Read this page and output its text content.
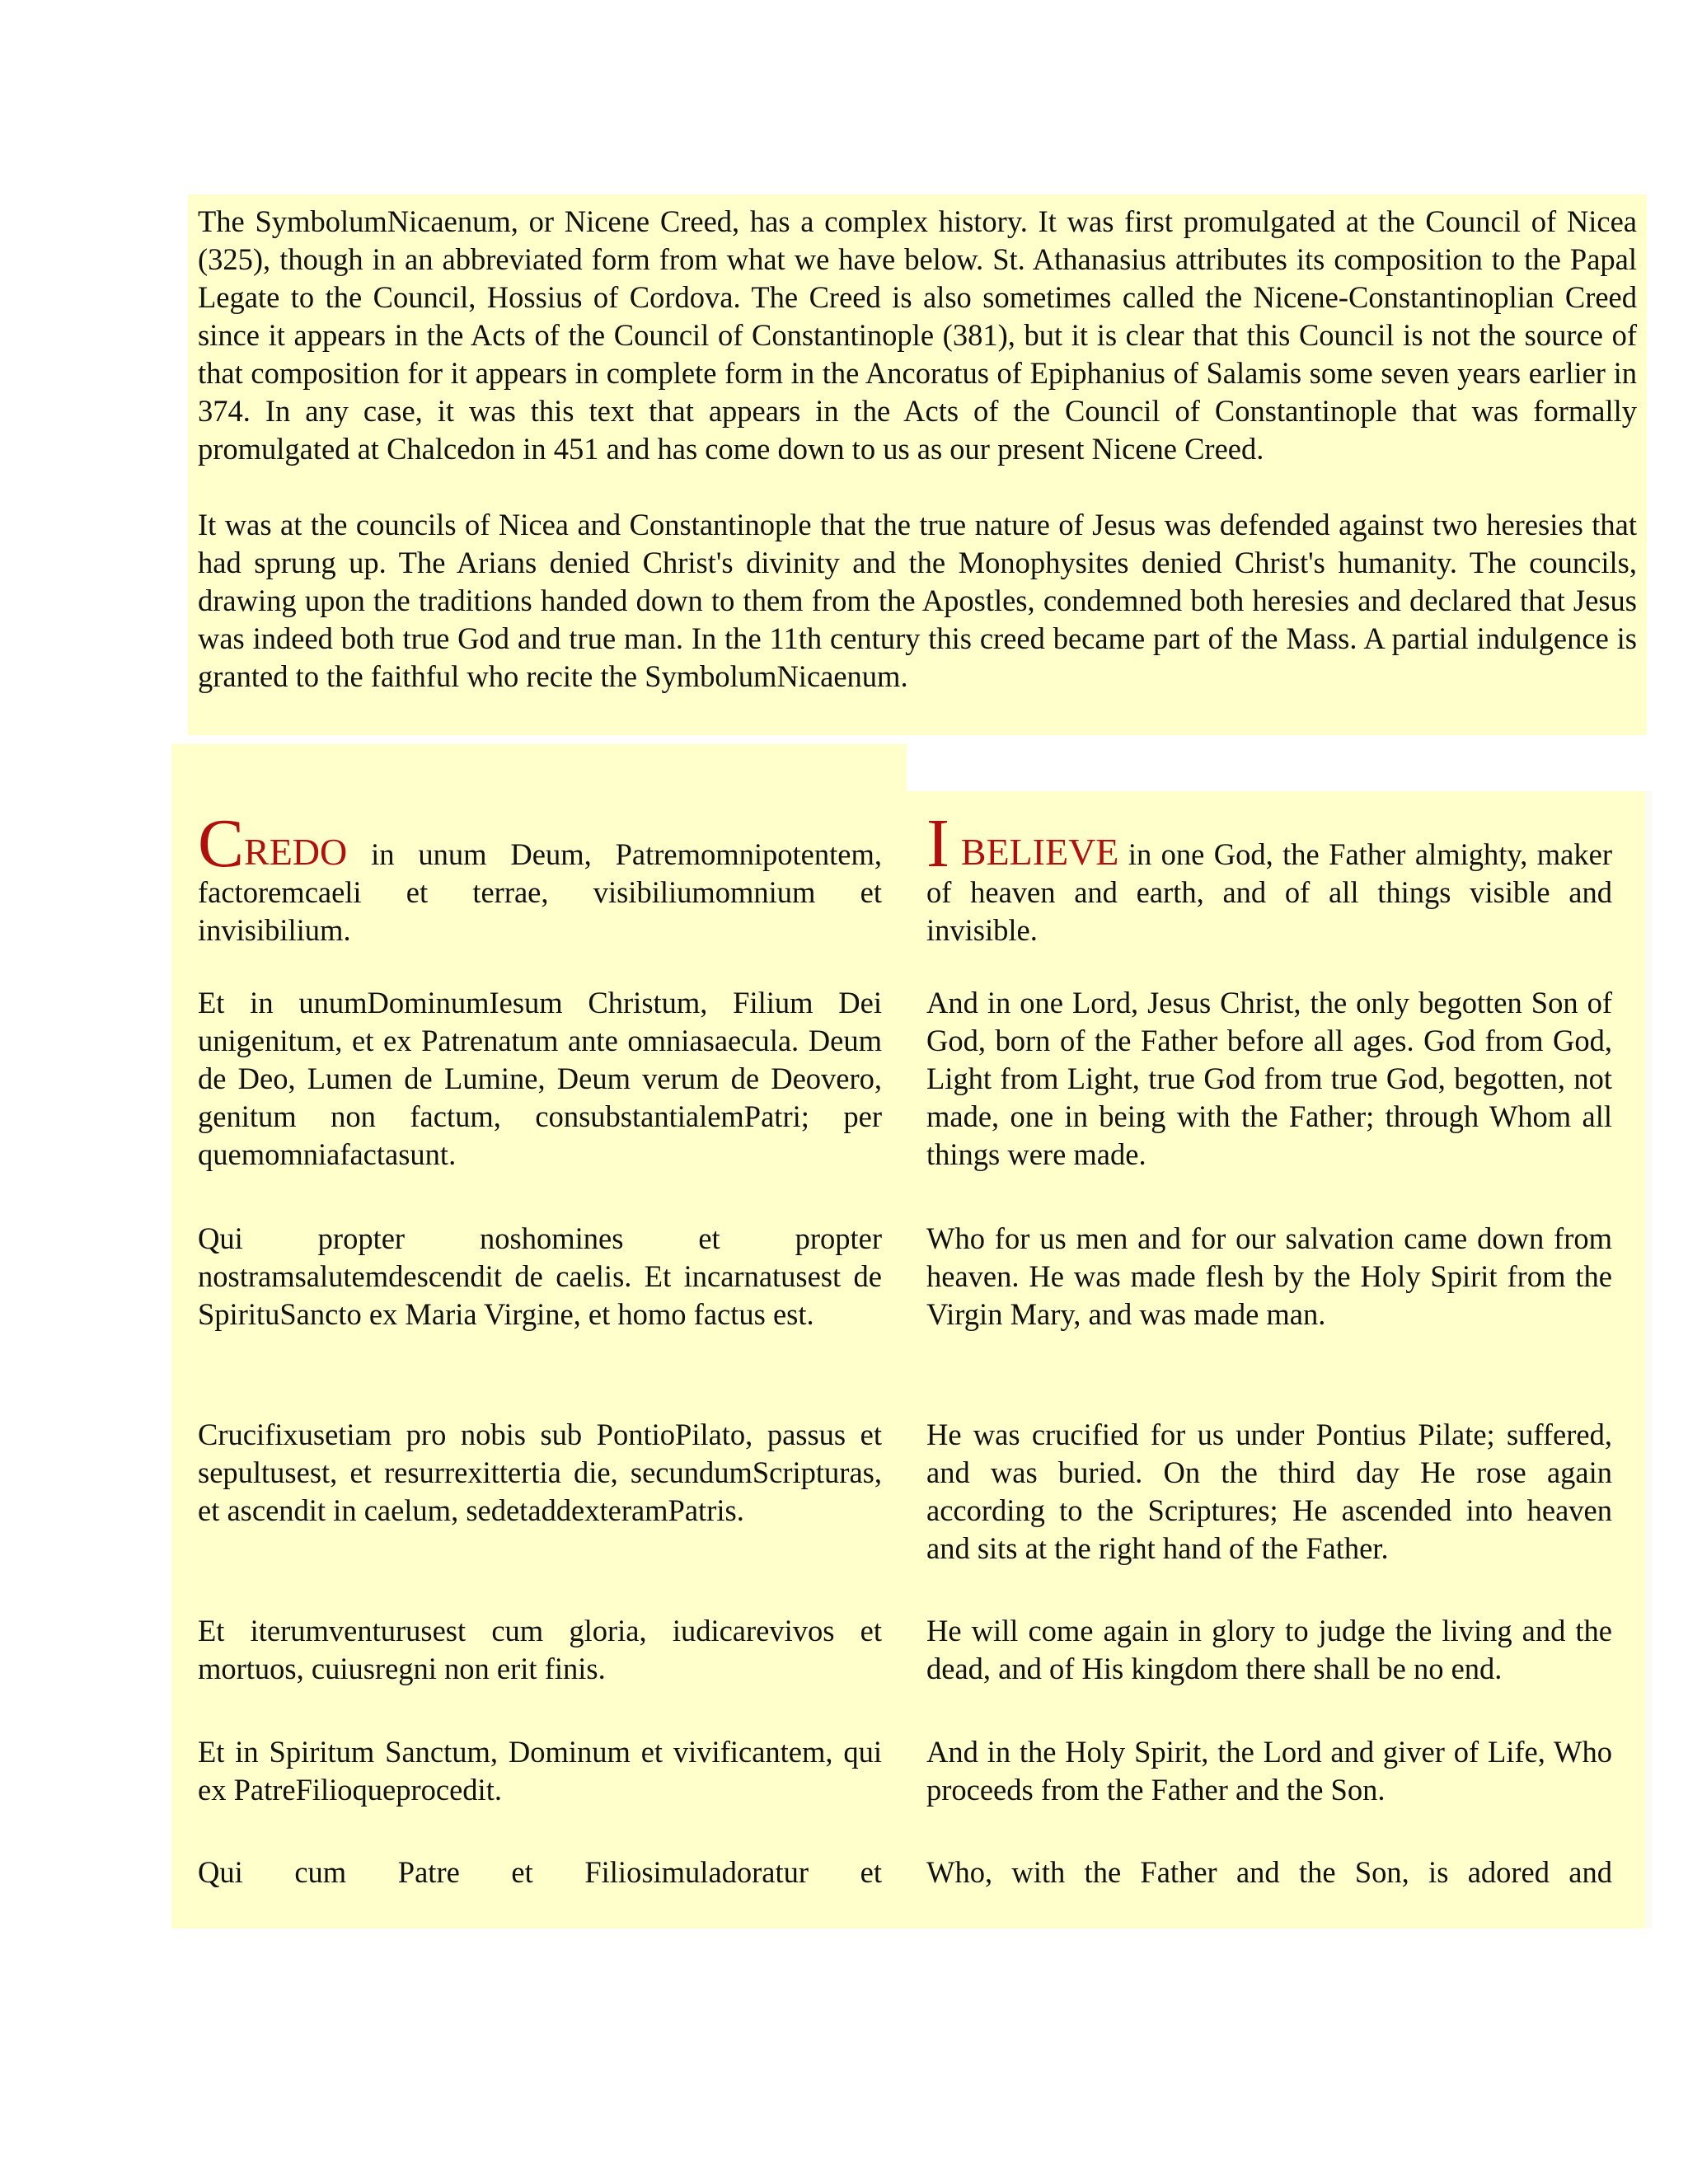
The SymbolumNicaenum, or Nicene Creed, has a complex history. It was first promulgated at the Council of Nicea (325), though in an abbreviated form from what we have below. St. Athanasius attributes its composition to the Papal Legate to the Council, Hossius of Cordova. The Creed is also sometimes called the Nicene-Constantinoplian Creed since it appears in the Acts of the Council of Constantinople (381), but it is clear that this Council is not the source of that composition for it appears in complete form in the Ancoratus of Epiphanius of Salamis some seven years earlier in 374. In any case, it was this text that appears in the Acts of the Council of Constantinople that was formally promulgated at Chalcedon in 451 and has come down to us as our present Nicene Creed.

It was at the councils of Nicea and Constantinople that the true nature of Jesus was defended against two heresies that had sprung up. The Arians denied Christ's divinity and the Monophysites denied Christ's humanity. The councils, drawing upon the traditions handed down to them from the Apostles, condemned both heresies and declared that Jesus was indeed both true God and true man. In the 11th century this creed became part of the Mass. A partial indulgence is granted to the faithful who recite the SymbolumNicaenum.

CREDO in unum Deum, Patremomnipotentem, factoremcaeli et terrae, visibiliumomnium et invisibilium.

Et in unumDominumIesum Christum, Filium Dei unigenitum, et ex Patrenatum ante omniasaecula. Deum de Deo, Lumen de Lumine, Deum verum de Deovero, genitum non factum, consubstantialemPatri; per quemomniafactasunt.

Qui propter noshomines et propter nostramsalutemdescendit de caelis. Et incarnatusest de SpirituSancto ex Maria Virgine, et homo factus est.

Crucifixusetiam pro nobis sub PontioPilato, passus et sepultusest, et resurrexittertia die, secundumScripturas, et ascendit in caelum, sedetaddexteramPatris.

Et iterumventurusest cum gloria, iudicarevivos et mortuos, cuiusregni non erit finis.

Et in Spiritum Sanctum, Dominum et vivificantem, qui ex PatreFilioqueprocedit.

Qui cum Patre et Filiosimuladoratur et

I BELIEVE in one God, the Father almighty, maker of heaven and earth, and of all things visible and invisible.

And in one Lord, Jesus Christ, the only begotten Son of God, born of the Father before all ages. God from God, Light from Light, true God from true God, begotten, not made, one in being with the Father; through Whom all things were made.

Who for us men and for our salvation came down from heaven. He was made flesh by the Holy Spirit from the Virgin Mary, and was made man.

He was crucified for us under Pontius Pilate; suffered, and was buried. On the third day He rose again according to the Scriptures; He ascended into heaven and sits at the right hand of the Father.

He will come again in glory to judge the living and the dead, and of His kingdom there shall be no end.

And in the Holy Spirit, the Lord and giver of Life, Who proceeds from the Father and the Son.

Who, with the Father and the Son, is adored and
